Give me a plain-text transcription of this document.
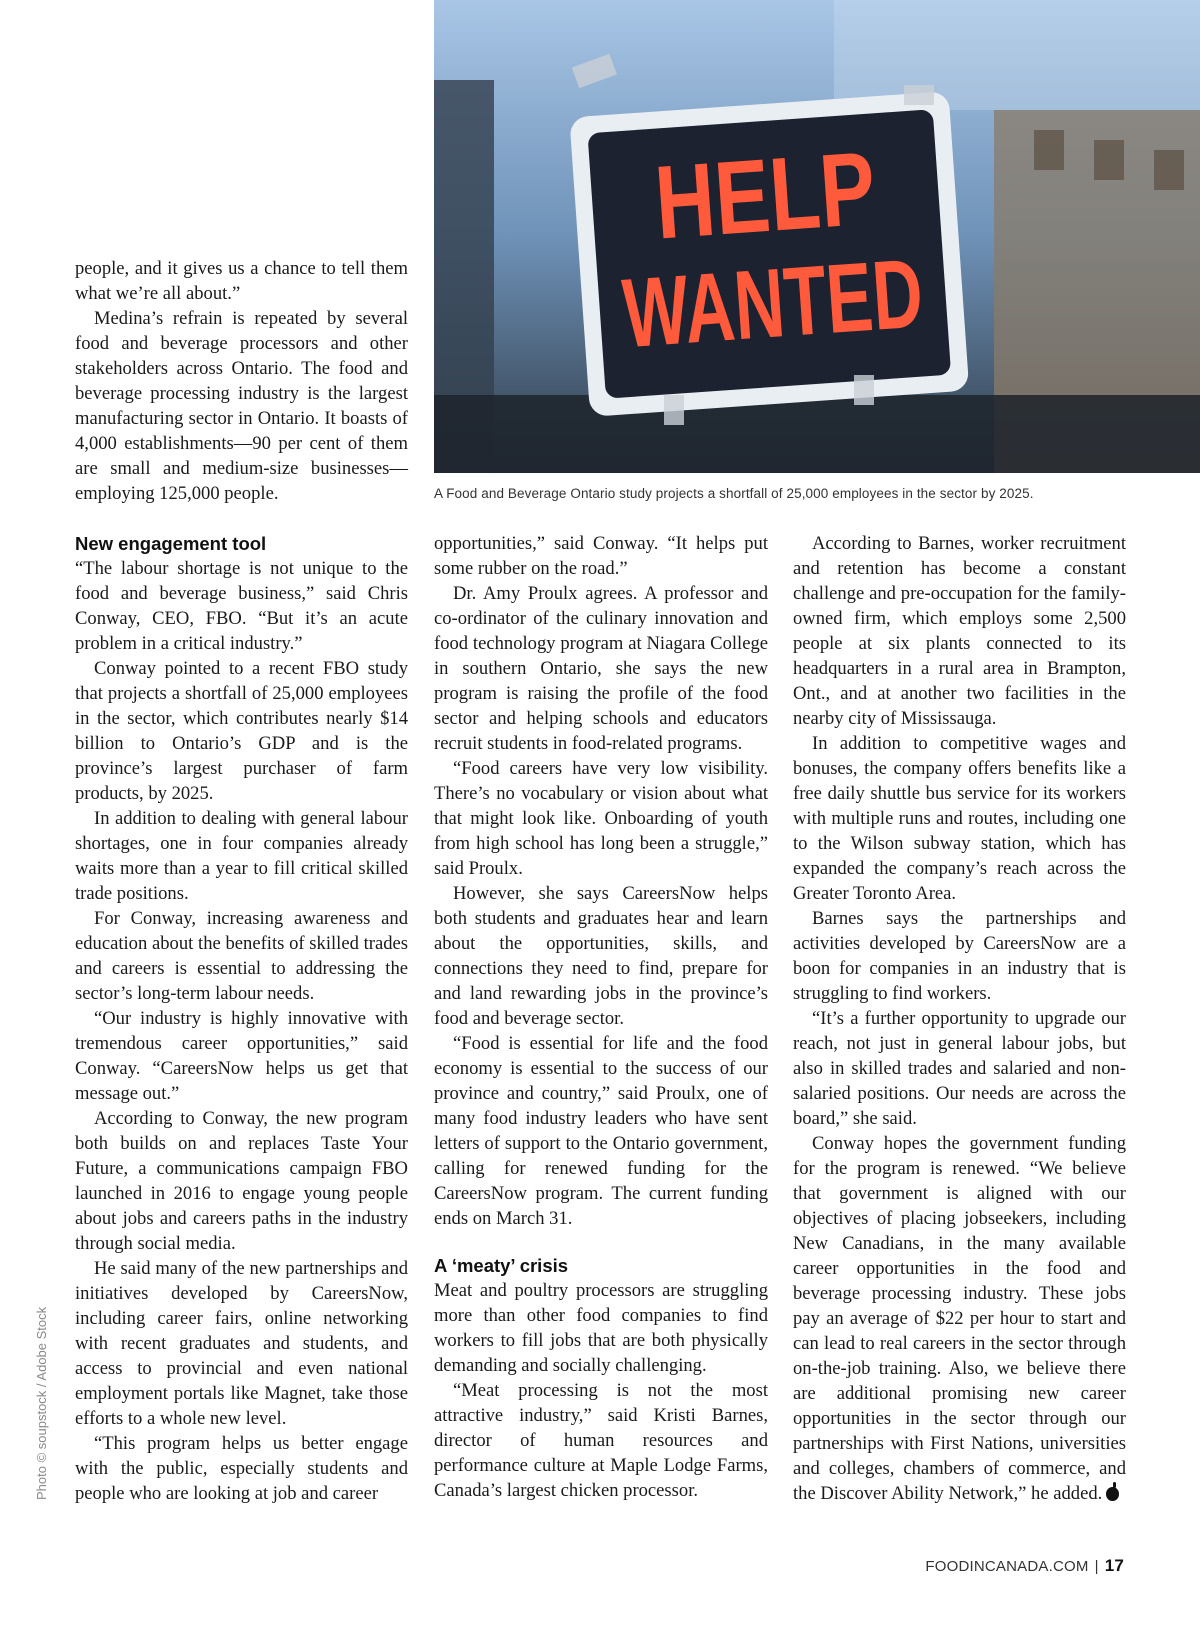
HELP
WANTED
A Food and Beverage Ontario study projects a shortfall of 25,000 employees in the sector by 2025.
Photo © soupstock / Adobe Stock

people, and it gives us a chance to tell them what we’re all about.”

Medina’s refrain is repeated by several food and beverage processors and other stakeholders across Ontario. The food and beverage processing industry is the largest manufacturing sector in Ontario. It boasts of 4,000 establishments—90 per cent of them are small and medium-size businesses—employing 125,000 people.

New engagement tool

“The labour shortage is not unique to the food and beverage business,” said Chris Conway, CEO, FBO. “But it’s an acute problem in a critical industry.”

Conway pointed to a recent FBO study that projects a shortfall of 25,000 employees in the sector, which contributes nearly $14 billion to Ontario’s GDP and is the province’s largest purchaser of farm products, by 2025.

In addition to dealing with general labour shortages, one in four companies already waits more than a year to fill critical skilled trade positions.

For Conway, increasing awareness and education about the benefits of skilled trades and careers is essential to addressing the sector’s long-term labour needs.

“Our industry is highly innovative with tremendous career opportunities,” said Conway. “CareersNow helps us get that message out.”

According to Conway, the new program both builds on and replaces Taste Your Future, a communications campaign FBO launched in 2016 to engage young people about jobs and careers paths in the industry through social media.

He said many of the new partnerships and initiatives developed by CareersNow, including career fairs, online networking with recent graduates and students, and access to provincial and even national employment portals like Magnet, take those efforts to a whole new level.

“This program helps us better engage with the public, especially students and people who are looking at job and career

opportunities,” said Conway. “It helps put some rubber on the road.”

Dr. Amy Proulx agrees. A professor and co-ordinator of the culinary innovation and food technology program at Niagara College in southern Ontario, she says the new program is raising the profile of the food sector and helping schools and educators recruit students in food-related programs.

“Food careers have very low visibility. There’s no vocabulary or vision about what that might look like. Onboarding of youth from high school has long been a struggle,” said Proulx.

However, she says CareersNow helps both students and graduates hear and learn about the opportunities, skills, and connections they need to find, prepare for and land rewarding jobs in the province’s food and beverage sector.

“Food is essential for life and the food economy is essential to the success of our province and country,” said Proulx, one of many food industry leaders who have sent letters of support to the Ontario government, calling for renewed funding for the CareersNow program. The current funding ends on March 31.

A ‘meaty’ crisis

Meat and poultry processors are struggling more than other food companies to find workers to fill jobs that are both physically demanding and socially challenging.

“Meat processing is not the most attractive industry,” said Kristi Barnes, director of human resources and performance culture at Maple Lodge Farms, Canada’s largest chicken processor.

According to Barnes, worker recruitment and retention has become a constant challenge and pre-occupation for the family-owned firm, which employs some 2,500 people at six plants connected to its headquarters in a rural area in Brampton, Ont., and at another two facilities in the nearby city of Mississauga.

In addition to competitive wages and bonuses, the company offers benefits like a free daily shuttle bus service for its workers with multiple runs and routes, including one to the Wilson subway station, which has expanded the company’s reach across the Greater Toronto Area.

Barnes says the partnerships and activities developed by CareersNow are a boon for companies in an industry that is struggling to find workers.

“It’s a further opportunity to upgrade our reach, not just in general labour jobs, but also in skilled trades and salaried and non-salaried positions. Our needs are across the board,” she said.

Conway hopes the government funding for the program is renewed. “We believe that government is aligned with our objectives of placing jobseekers, including New Canadians, in the many available career opportunities in the food and beverage processing industry. These jobs pay an average of $22 per hour to start and can lead to real careers in the sector through on-the-job training. Also, we believe there are additional promising new career opportunities in the sector through our partnerships with First Nations, universities and colleges, chambers of commerce, and the Discover Ability Network,” he added.

FOODINCANADA.COM | 17
